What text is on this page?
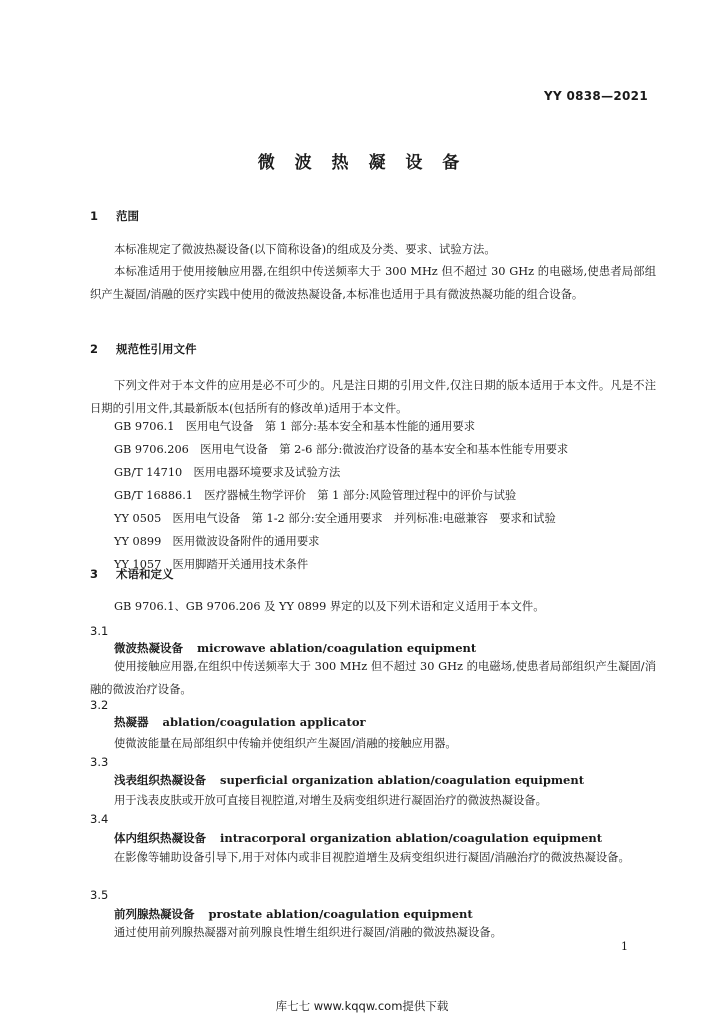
YY 0838—2021
微 波 热 凝 设 备
1 范围
本标准规定了微波热凝设备(以下简称设备)的组成及分类、要求、试验方法。
本标准适用于使用接触应用器,在组织中传送频率大于 300 MHz 但不超过 30 GHz 的电磁场,使患者局部组织产生凝固/消融的医疗实践中使用的微波热凝设备,本标准也适用于具有微波热凝功能的组合设备。
2 规范性引用文件
下列文件对于本文件的应用是必不可少的。凡是注日期的引用文件,仅注日期的版本适用于本文件。凡是不注日期的引用文件,其最新版本(包括所有的修改单)适用于本文件。
GB 9706.1　医用电气设备　第 1 部分:基本安全和基本性能的通用要求
GB 9706.206　医用电气设备　第 2-6 部分:微波治疗设备的基本安全和基本性能专用要求
GB/T 14710　医用电器环境要求及试验方法
GB/T 16886.1　医疗器械生物学评价　第 1 部分:风险管理过程中的评价与试验
YY 0505　医用电气设备　第 1-2 部分:安全通用要求　并列标准:电磁兼容　要求和试验
YY 0899　医用微波设备附件的通用要求
YY 1057　医用脚踏开关通用技术条件
3 术语和定义
GB 9706.1、GB 9706.206 及 YY 0899 界定的以及下列术语和定义适用于本文件。
3.1
微波热凝设备 microwave ablation/coagulation equipment
使用接触应用器,在组织中传送频率大于 300 MHz 但不超过 30 GHz 的电磁场,使患者局部组织产生凝固/消融的微波治疗设备。
3.2
热凝器 ablation/coagulation applicator
使微波能量在局部组织中传输并使组织产生凝固/消融的接触应用器。
3.3
浅表组织热凝设备 superficial organization ablation/coagulation equipment
用于浅表皮肤或开放可直接目视腔道,对增生及病变组织进行凝固治疗的微波热凝设备。
3.4
体内组织热凝设备 intracorporal organization ablation/coagulation equipment
在影像等辅助设备引导下,用于对体内或非目视腔道增生及病变组织进行凝固/消融治疗的微波热凝设备。
3.5
前列腺热凝设备 prostate ablation/coagulation equipment
通过使用前列腺热凝器对前列腺良性增生组织进行凝固/消融的微波热凝设备。
1
库七七 www.kqqw.com提供下载
